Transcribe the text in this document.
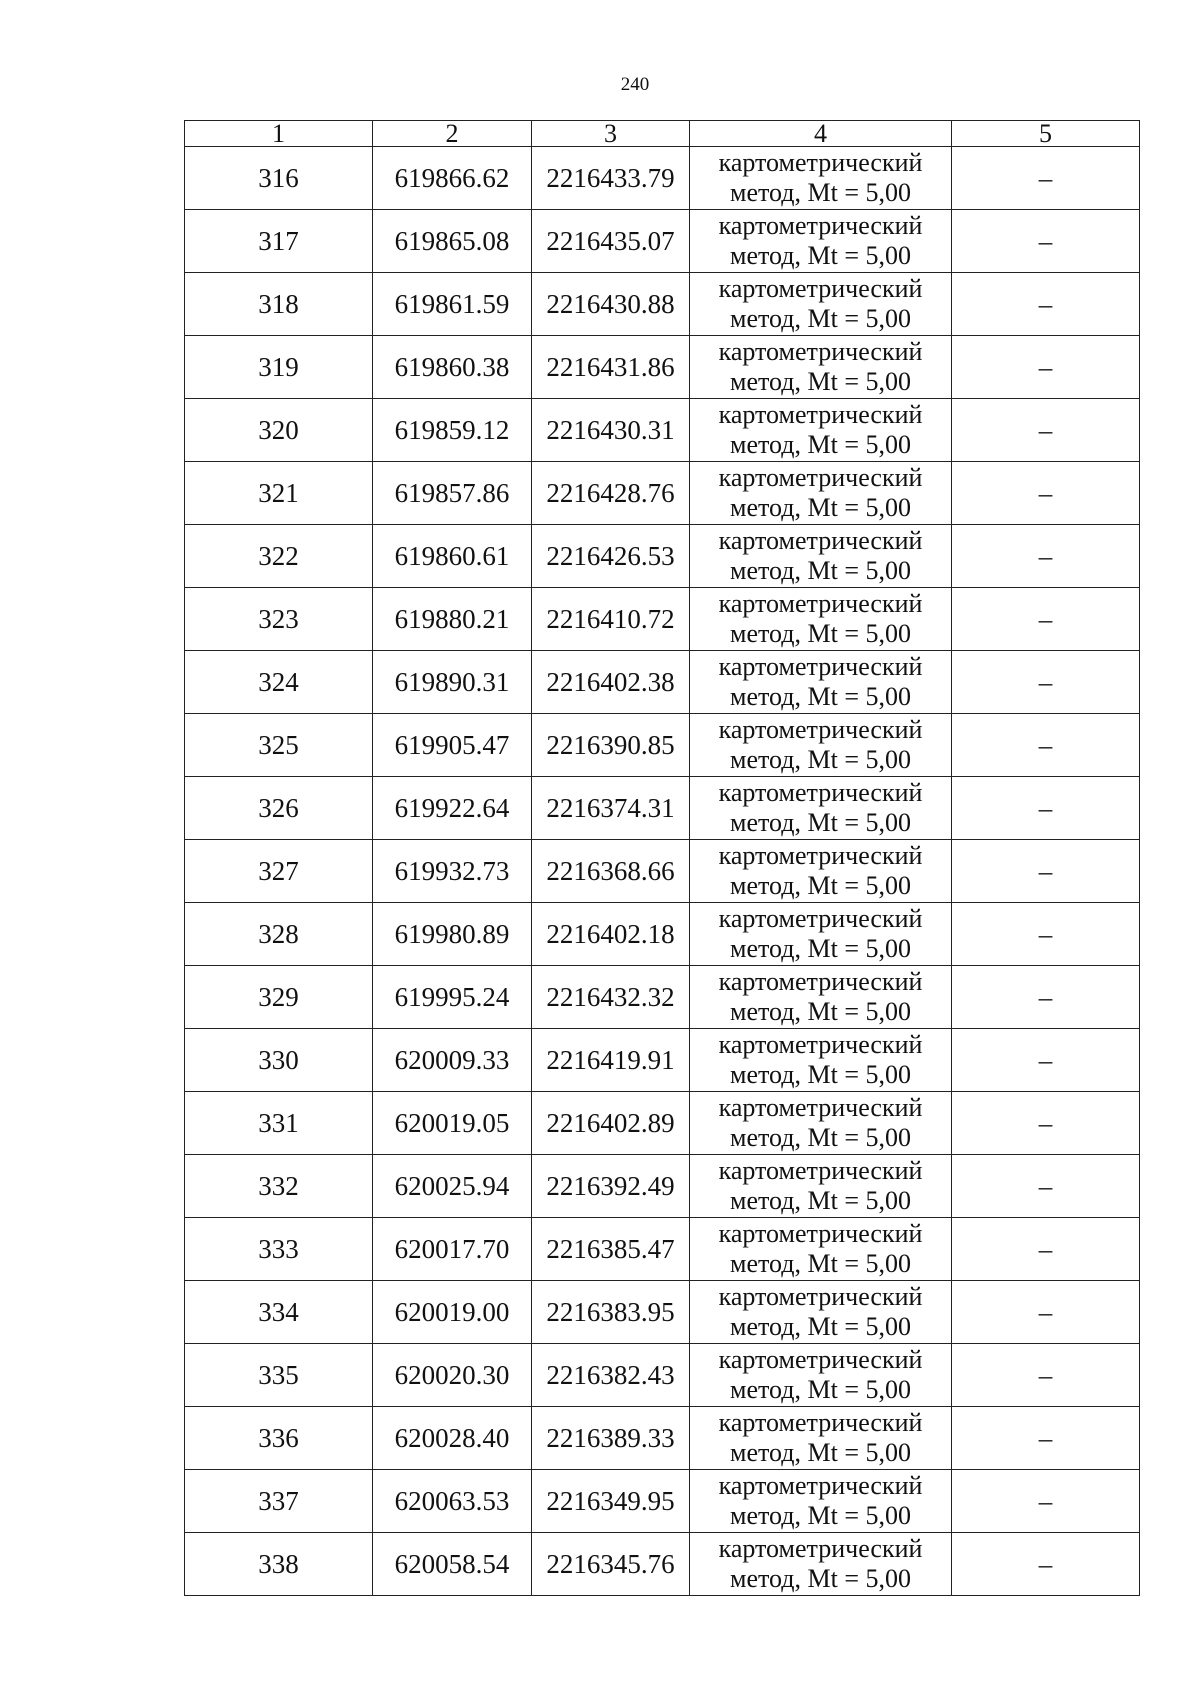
240
1	2	3	4	5
316	619866.62	2216433.79	картометрический
метод, Mt = 5,00	–
317	619865.08	2216435.07	картометрический
метод, Mt = 5,00	–
318	619861.59	2216430.88	картометрический
метод, Mt = 5,00	–
319	619860.38	2216431.86	картометрический
метод, Mt = 5,00	–
320	619859.12	2216430.31	картометрический
метод, Mt = 5,00	–
321	619857.86	2216428.76	картометрический
метод, Mt = 5,00	–
322	619860.61	2216426.53	картометрический
метод, Mt = 5,00	–
323	619880.21	2216410.72	картометрический
метод, Mt = 5,00	–
324	619890.31	2216402.38	картометрический
метод, Mt = 5,00	–
325	619905.47	2216390.85	картометрический
метод, Mt = 5,00	–
326	619922.64	2216374.31	картометрический
метод, Mt = 5,00	–
327	619932.73	2216368.66	картометрический
метод, Mt = 5,00	–
328	619980.89	2216402.18	картометрический
метод, Mt = 5,00	–
329	619995.24	2216432.32	картометрический
метод, Mt = 5,00	–
330	620009.33	2216419.91	картометрический
метод, Mt = 5,00	–
331	620019.05	2216402.89	картометрический
метод, Mt = 5,00	–
332	620025.94	2216392.49	картометрический
метод, Mt = 5,00	–
333	620017.70	2216385.47	картометрический
метод, Mt = 5,00	–
334	620019.00	2216383.95	картометрический
метод, Mt = 5,00	–
335	620020.30	2216382.43	картометрический
метод, Mt = 5,00	–
336	620028.40	2216389.33	картометрический
метод, Mt = 5,00	–
337	620063.53	2216349.95	картометрический
метод, Mt = 5,00	–
338	620058.54	2216345.76	картометрический
метод, Mt = 5,00	–
